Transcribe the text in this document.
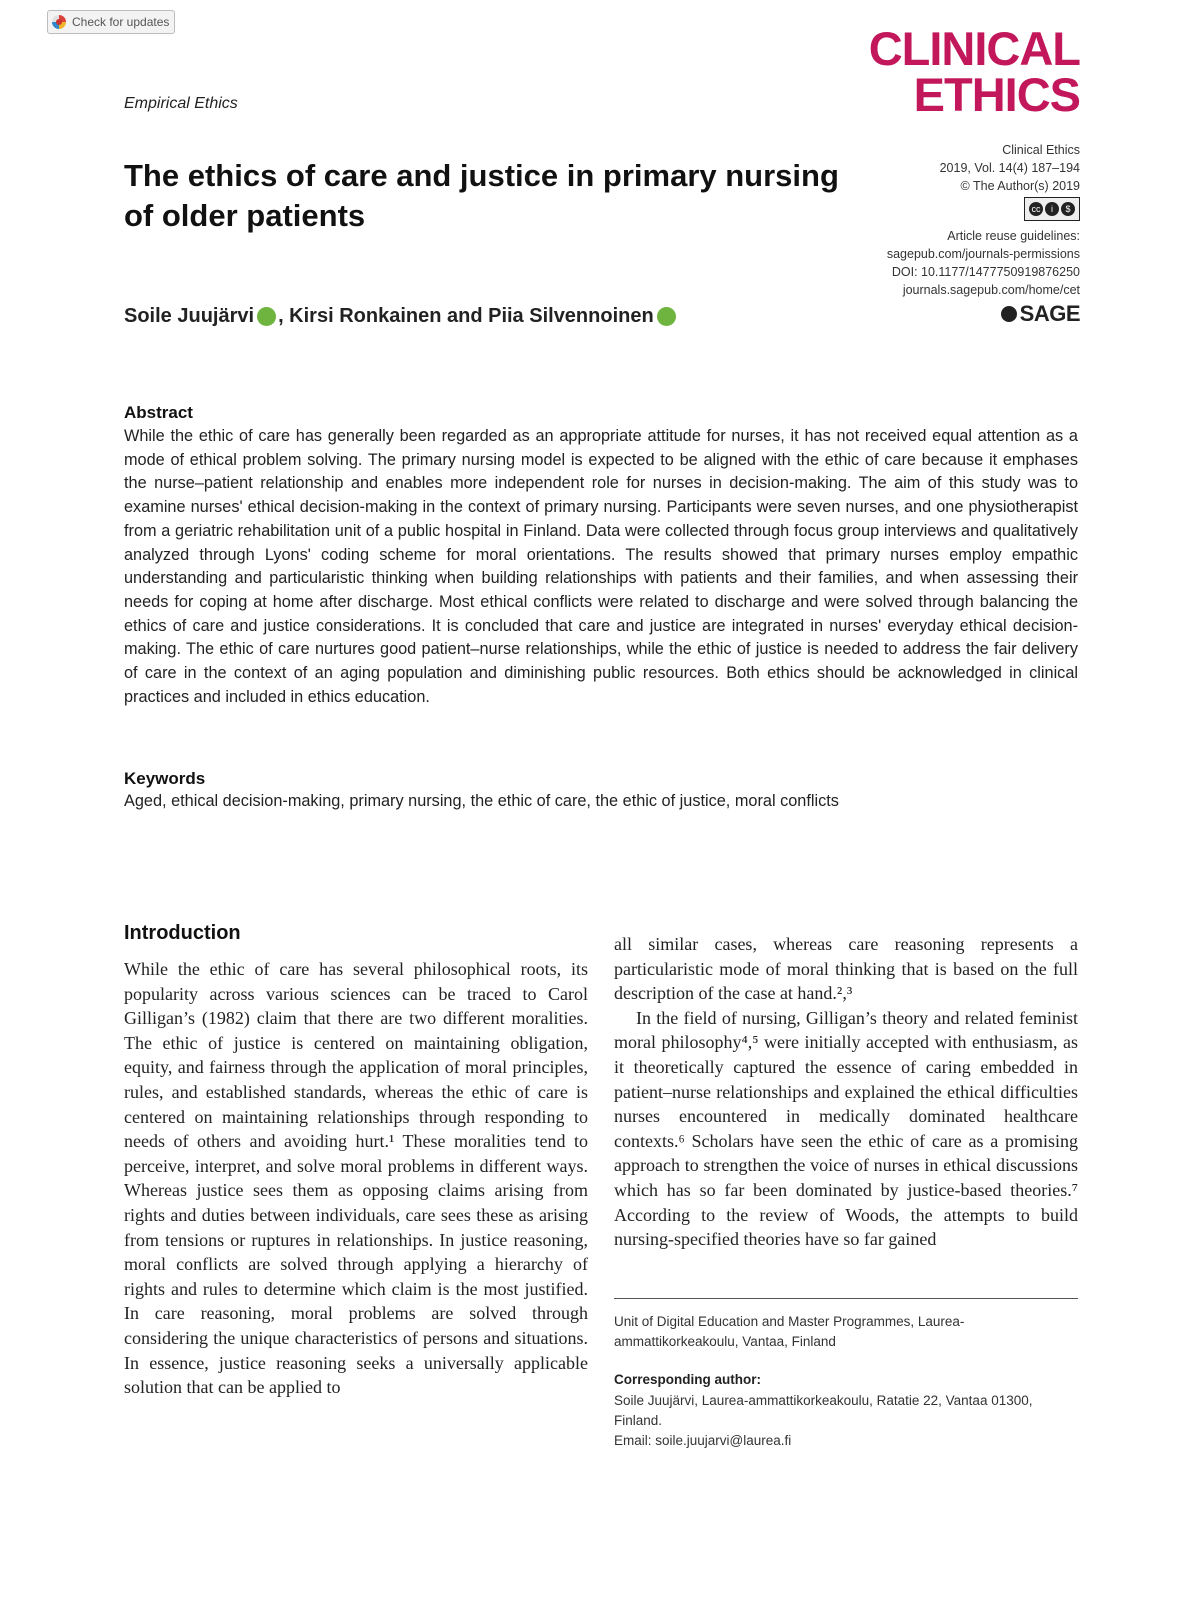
Check for updates	CLINICAL
ETHICS
Empirical Ethics
The ethics of care and justice in primary nursing of older patients
Clinical Ethics
2019, Vol. 14(4) 187–194
© The Author(s) 2019
cc	i	$
Article reuse guidelines:
sagepub.com/journals-permissions
DOI: 10.1177/1477750919876250
journals.sagepub.com/home/cet
SAGE
Soile Juujärvi , Kirsi Ronkainen and Piia Silvennoinen
Abstract

While the ethic of care has generally been regarded as an appropriate attitude for nurses, it has not received equal attention as a mode of ethical problem solving. The primary nursing model is expected to be aligned with the ethic of care because it emphases the nurse–patient relationship and enables more independent role for nurses in decision-making. The aim of this study was to examine nurses' ethical decision-making in the context of primary nursing. Participants were seven nurses, and one physiotherapist from a geriatric rehabilitation unit of a public hospital in Finland. Data were collected through focus group interviews and qualitatively analyzed through Lyons' coding scheme for moral orientations. The results showed that primary nurses employ empathic understanding and particularistic thinking when building relationships with patients and their families, and when assessing their needs for coping at home after discharge. Most ethical conflicts were related to discharge and were solved through balancing the ethics of care and justice considerations. It is concluded that care and justice are integrated in nurses' everyday ethical decision-making. The ethic of care nurtures good patient–nurse relationships, while the ethic of justice is needed to address the fair delivery of care in the context of an aging population and diminishing public resources. Both ethics should be acknowledged in clinical practices and included in ethics education.

Keywords
Aged, ethical decision-making, primary nursing, the ethic of care, the ethic of justice, moral conflicts
Introduction

While the ethic of care has several philosophical roots, its popularity across various sciences can be traced to Carol Gilligan’s (1982) claim that there are two different moralities. The ethic of justice is centered on maintaining obligation, equity, and fairness through the application of moral principles, rules, and established standards, whereas the ethic of care is centered on maintaining relationships through responding to needs of others and avoiding hurt.¹ These moralities tend to perceive, interpret, and solve moral problems in different ways. Whereas justice sees them as opposing claims arising from rights and duties between individuals, care sees these as arising from tensions or ruptures in relationships. In justice reasoning, moral conflicts are solved through applying a hierarchy of rights and rules to determine which claim is the most justified. In care reasoning, moral problems are solved through considering the unique characteristics of persons and situations. In essence, justice reasoning seeks a universally applicable solution that can be applied to

all similar cases, whereas care reasoning represents a particularistic mode of moral thinking that is based on the full description of the case at hand.²,³

In the field of nursing, Gilligan’s theory and related feminist moral philosophy⁴,⁵ were initially accepted with enthusiasm, as it theoretically captured the essence of caring embedded in patient–nurse relationships and explained the ethical difficulties nurses encountered in medically dominated healthcare contexts.⁶ Scholars have seen the ethic of care as a promising approach to strengthen the voice of nurses in ethical discussions which has so far been dominated by justice-based theories.⁷ According to the review of Woods, the attempts to build nursing-specified theories have so far gained

Unit of Digital Education and Master Programmes, Laurea-ammattikorkeakoulu, Vantaa, Finland
Corresponding author:
Soile Juujärvi, Laurea-ammattikorkeakoulu, Ratatie 22, Vantaa 01300, Finland.
Email: soile.juujarvi@laurea.fi
